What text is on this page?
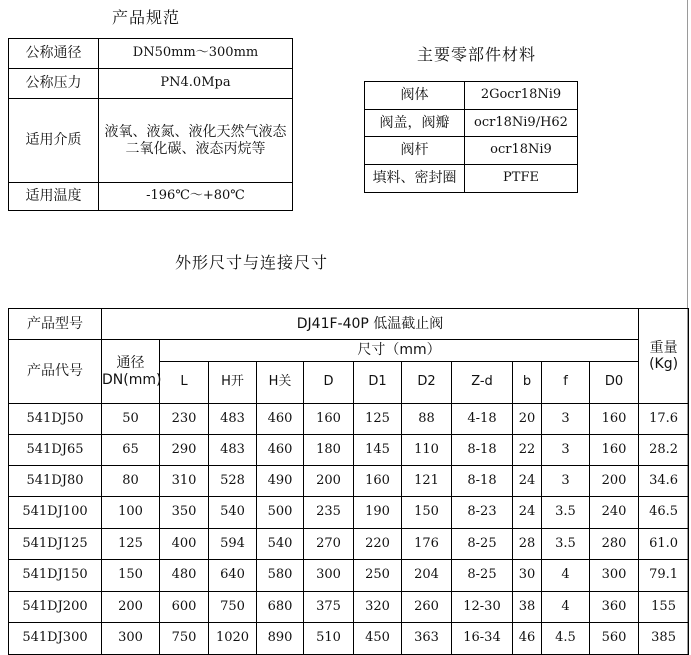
产品规范
主要零部件材料
外形尺寸与连接尺寸
公称通径	DN50mm～300mm
公称压力	PN4.0Mpa
适用介质	液氧、液氮、液化天然气液态二氧化碳、液态丙烷等
适用温度	-196℃～+80℃
阀体	2Gocr18Ni9
阀盖，阀瓣	ocr18Ni9/H62
阀杆	ocr18Ni9
填料、密封圈	PTFE
产品型号	DJ41F-40P 低温截止阀											重量(Kg)
产品代号	通径DN(mm)	尺寸（mm）										
		L	H开	H关	D	D1	D2	Z-d	b	f	D0	
541DJ50	50	230	483	460	160	125	88	4-18	20	3	160	17.6
541DJ65	65	290	483	460	180	145	110	8-18	22	3	160	28.2
541DJ80	80	310	528	490	200	160	121	8-18	24	3	200	34.6
541DJ100	100	350	540	500	235	190	150	8-23	24	3.5	240	46.5
541DJ125	125	400	594	540	270	220	176	8-25	28	3.5	280	61.0
541DJ150	150	480	640	580	300	250	204	8-25	30	4	300	79.1
541DJ200	200	600	750	680	375	320	260	12-30	38	4	360	155
541DJ300	300	750	1020	890	510	450	363	16-34	46	4.5	560	385
